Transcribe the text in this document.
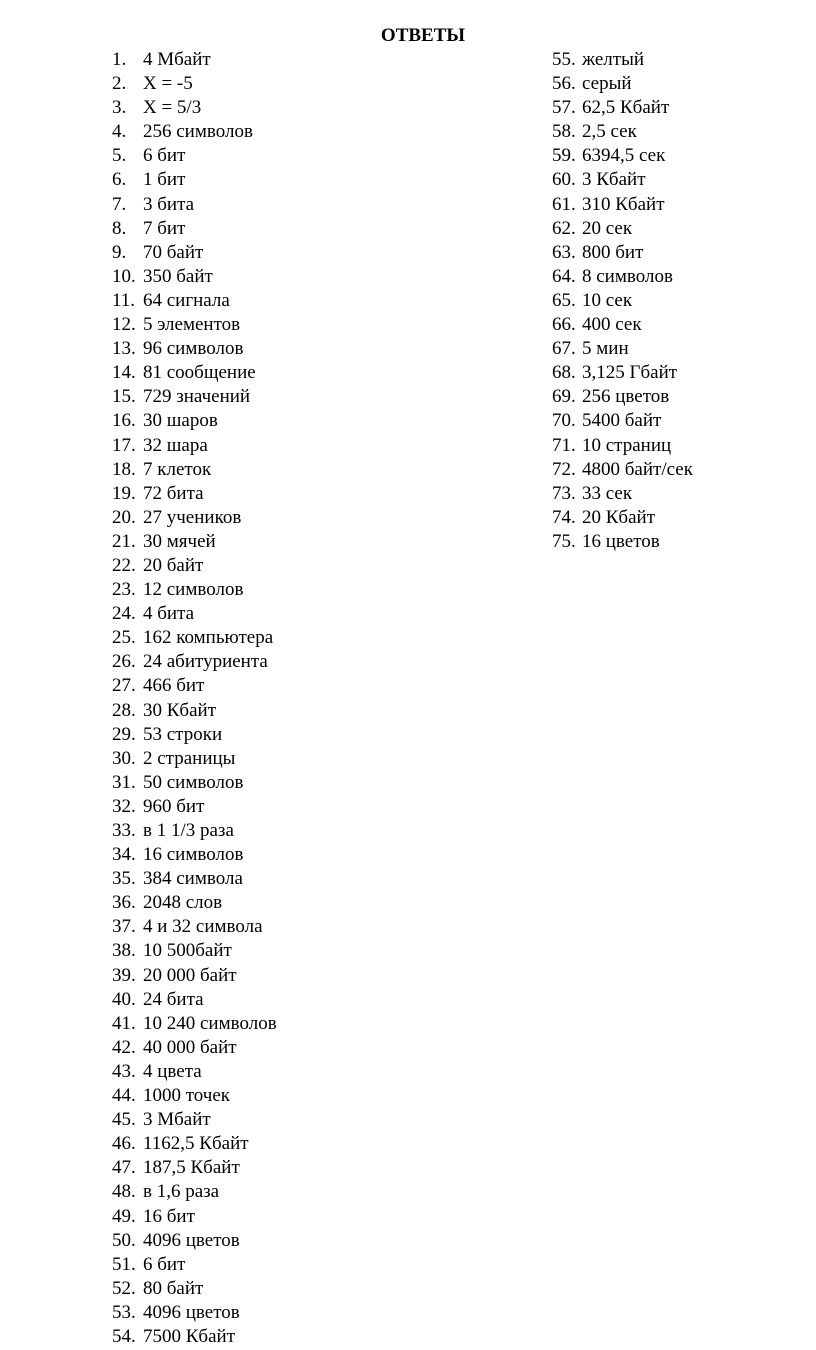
ОТВЕТЫ
1. 4 Мбайт
2. X = -5
3. X = 5/3
4. 256 символов
5. 6 бит
6. 1 бит
7. 3 бита
8. 7 бит
9. 70 байт
10. 350 байт
11. 64 сигнала
12. 5 элементов
13. 96 символов
14. 81 сообщение
15. 729 значений
16. 30 шаров
17. 32 шара
18. 7 клеток
19. 72 бита
20. 27 учеников
21. 30 мячей
22. 20 байт
23. 12 символов
24. 4 бита
25. 162 компьютера
26. 24 абитуриента
27. 466 бит
28. 30 Кбайт
29. 53 строки
30. 2 страницы
31. 50 символов
32. 960 бит
33. в 1 1/3 раза
34. 16 символов
35. 384 символа
36. 2048 слов
37. 4 и 32 символа
38. 10 500байт
39. 20 000 байт
40. 24 бита
41. 10 240 символов
42. 40 000 байт
43. 4 цвета
44. 1000 точек
45. 3 Мбайт
46. 1162,5 Кбайт
47. 187,5 Кбайт
48. в 1,6 раза
49. 16 бит
50. 4096 цветов
51. 6 бит
52. 80 байт
53. 4096 цветов
54. 7500 Кбайт
55. желтый
56. серый
57. 62,5 Кбайт
58. 2,5 сек
59. 6394,5 сек
60. 3 Кбайт
61. 310 Кбайт
62. 20 сек
63. 800 бит
64. 8 символов
65. 10 сек
66. 400 сек
67. 5 мин
68. 3,125 Гбайт
69. 256 цветов
70. 5400 байт
71. 10 страниц
72. 4800 байт/сек
73. 33 сек
74.20 Кбайт
75. 16 цветов
